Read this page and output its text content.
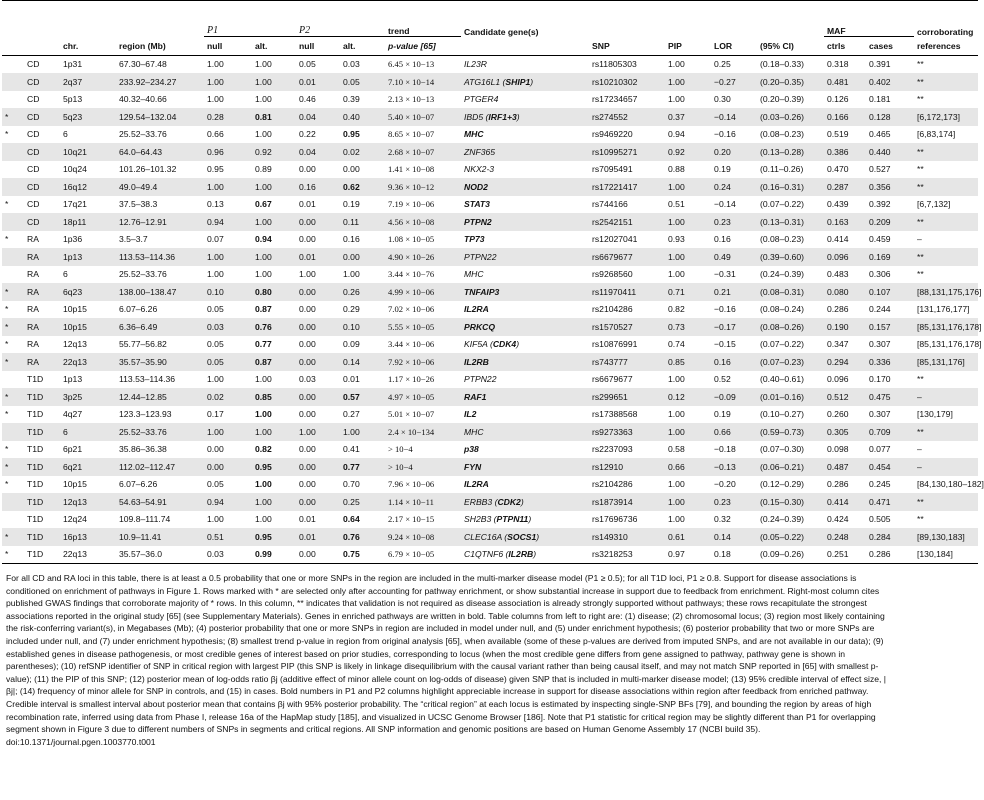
				P1		P2		trend	Candidate gene(s)					MAF		corroborating
		chr.	region (Mb)	null	alt.	null	alt.	p-value [65]		SNP	PIP	LOR	(95% CI)	ctrls	cases	references
	CD	1p31	67.30–67.48	1.00	1.00	0.05	0.03	6.45 × 10−13	IL23R	rs11805303	1.00	0.25	(0.18–0.33)	0.318	0.391	**
	CD	2q37	233.92–234.27	1.00	1.00	0.01	0.05	7.10 × 10−14	ATG16L1 (SHIP1)	rs10210302	1.00	−0.27	(0.20–0.35)	0.481	0.402	**
	CD	5p13	40.32–40.66	1.00	1.00	0.46	0.39	2.13 × 10−13	PTGER4	rs17234657	1.00	0.30	(0.20–0.39)	0.126	0.181	**
*	CD	5q23	129.54–132.04	0.28	0.81	0.04	0.40	5.40 × 10−07	IBD5 (IRF1+3)	rs274552	0.37	−0.14	(0.03–0.26)	0.166	0.128	[6,172,173]
*	CD	6	25.52–33.76	0.66	1.00	0.22	0.95	8.65 × 10−07	MHC	rs9469220	0.94	−0.16	(0.08–0.23)	0.519	0.465	[6,83,174]
	CD	10q21	64.0–64.43	0.96	0.92	0.04	0.02	2.68 × 10−07	ZNF365	rs10995271	0.92	0.20	(0.13–0.28)	0.386	0.440	**
	CD	10q24	101.26–101.32	0.95	0.89	0.00	0.00	1.41 × 10−08	NKX2-3	rs7095491	0.88	0.19	(0.11–0.26)	0.470	0.527	**
	CD	16q12	49.0–49.4	1.00	1.00	0.16	0.62	9.36 × 10−12	NOD2	rs17221417	1.00	0.24	(0.16–0.31)	0.287	0.356	**
*	CD	17q21	37.5–38.3	0.13	0.67	0.01	0.19	7.19 × 10−06	STAT3	rs744166	0.51	−0.14	(0.07–0.22)	0.439	0.392	[6,7,132]
	CD	18p11	12.76–12.91	0.94	1.00	0.00	0.11	4.56 × 10−08	PTPN2	rs2542151	1.00	0.23	(0.13–0.31)	0.163	0.209	**
*	RA	1p36	3.5–3.7	0.07	0.94	0.00	0.16	1.08 × 10−05	TP73	rs12027041	0.93	0.16	(0.08–0.23)	0.414	0.459	–
	RA	1p13	113.53–114.36	1.00	1.00	0.01	0.00	4.90 × 10−26	PTPN22	rs6679677	1.00	0.49	(0.39–0.60)	0.096	0.169	**
	RA	6	25.52–33.76	1.00	1.00	1.00	1.00	3.44 × 10−76	MHC	rs9268560	1.00	−0.31	(0.24–0.39)	0.483	0.306	**
*	RA	6q23	138.00–138.47	0.10	0.80	0.00	0.26	4.99 × 10−06	TNFAIP3	rs11970411	0.71	0.21	(0.08–0.31)	0.080	0.107	[88,131,175,176]
*	RA	10p15	6.07–6.26	0.05	0.87	0.00	0.29	7.02 × 10−06	IL2RA	rs2104286	0.82	−0.16	(0.08–0.24)	0.286	0.244	[131,176,177]
*	RA	10p15	6.36–6.49	0.03	0.76	0.00	0.10	5.55 × 10−05	PRKCQ	rs1570527	0.73	−0.17	(0.08–0.26)	0.190	0.157	[85,131,176,178]
*	RA	12q13	55.77–56.82	0.05	0.77	0.00	0.09	3.44 × 10−06	KIF5A (CDK4)	rs10876991	0.74	−0.15	(0.07–0.22)	0.347	0.307	[85,131,176,178]
*	RA	22q13	35.57–35.90	0.05	0.87	0.00	0.14	7.92 × 10−06	IL2RB	rs743777	0.85	0.16	(0.07–0.23)	0.294	0.336	[85,131,176]
	T1D	1p13	113.53–114.36	1.00	1.00	0.03	0.01	1.17 × 10−26	PTPN22	rs6679677	1.00	0.52	(0.40–0.61)	0.096	0.170	**
*	T1D	3p25	12.44–12.85	0.02	0.85	0.00	0.57	4.97 × 10−05	RAF1	rs299651	0.12	−0.09	(0.01–0.16)	0.512	0.475	–
*	T1D	4q27	123.3–123.93	0.17	1.00	0.00	0.27	5.01 × 10−07	IL2	rs17388568	1.00	0.19	(0.10–0.27)	0.260	0.307	[130,179]
	T1D	6	25.52–33.76	1.00	1.00	1.00	1.00	2.4 × 10−134	MHC	rs9273363	1.00	0.66	(0.59–0.73)	0.305	0.709	**
*	T1D	6p21	35.86–36.38	0.00	0.82	0.00	0.41	> 10−4	p38	rs2237093	0.58	−0.18	(0.07–0.30)	0.098	0.077	–
*	T1D	6q21	112.02–112.47	0.00	0.95	0.00	0.77	> 10−4	FYN	rs12910	0.66	−0.13	(0.06–0.21)	0.487	0.454	–
*	T1D	10p15	6.07–6.26	0.05	1.00	0.00	0.70	7.96 × 10−06	IL2RA	rs2104286	1.00	−0.20	(0.12–0.29)	0.286	0.245	[84,130,180–182]
	T1D	12q13	54.63–54.91	0.94	1.00	0.00	0.25	1.14 × 10−11	ERBB3 (CDK2)	rs1873914	1.00	0.23	(0.15–0.30)	0.414	0.471	**
	T1D	12q24	109.8–111.74	1.00	1.00	0.01	0.64	2.17 × 10−15	SH2B3 (PTPN11)	rs17696736	1.00	0.32	(0.24–0.39)	0.424	0.505	**
*	T1D	16p13	10.9–11.41	0.51	0.95	0.01	0.76	9.24 × 10−08	CLEC16A (SOCS1)	rs149310	0.61	0.14	(0.05–0.22)	0.248	0.284	[89,130,183]
*	T1D	22q13	35.57–36.0	0.03	0.99	0.00	0.75	6.79 × 10−05	C1QTNF6 (IL2RB)	rs3218253	0.97	0.18	(0.09–0.26)	0.251	0.286	[130,184]

For all CD and RA loci in this table, there is at least a 0.5 probability that one or more SNPs in the region are included in the multi-marker disease model (P1 ≥ 0.5); for all T1D loci, P1 ≥ 0.8. Support for disease associations is conditioned on enrichment of pathways in Figure 1. Rows marked with * are selected only after accounting for pathway enrichment, or show substantial increase in support due to feedback from enrichment. Right-most column cites published GWAS findings that corroborate majority of * rows. In this column, ** indicates that validation is not required as disease association is already strongly supported without pathways; these rows recapitulate the strongest associations reported in the original study [65] (see Supplementary Materials). Genes in enriched pathways are written in bold. Table columns from left to right are: (1) disease; (2) chromosomal locus; (3) region most likely containing the risk-conferring variant(s), in Megabases (Mb); (4) posterior probability that one or more SNPs in region are included in model under null, and (5) under enrichment hypothesis; (6) posterior probability that two or more SNPs are included under null, and (7) under enrichment hypothesis; (8) smallest trend p-value in region from original analysis [65], when available (some of these p-values are derived from imputed SNPs, and are not available in our data); (9) established genes in disease pathogenesis, or most credible genes of interest based on prior studies, corresponding to locus (when the most credible gene differs from gene assigned to pathway, pathway gene is shown in parentheses); (10) refSNP identifier of SNP in critical region with largest PIP (this SNP is likely in linkage disequilibrium with the causal variant rather than being causal itself, and may not match SNP reported in [65] with smallest p-value); (11) the PIP of this SNP; (12) posterior mean of log-odds ratio βj (additive effect of minor allele count on log-odds of disease) given SNP that is included in multi-marker disease model; (13) 95% credible interval of effect size, |βj|; (14) frequency of minor allele for SNP in controls, and (15) in cases. Bold numbers in P1 and P2 columns highlight appreciable increase in support for disease associations within region after feedback from enriched pathway. Credible interval is smallest interval about posterior mean that contains βj with 95% posterior probability. The “critical region” at each locus is estimated by inspecting single-SNP BFs [79], and bounding the region by areas of high recombination rate, inferred using data from Phase I, release 16a of the HapMap study [185], and visualized in UCSC Genome Browser [186]. Note that P1 statistic for critical region may be slightly different than P1 for overlapping segment shown in Figure 3 due to different numbers of SNPs in segments and critical regions. All SNP information and genomic positions are based on Human Genome Assembly 17 (NCBI build 35).

doi:10.1371/journal.pgen.1003770.t001
